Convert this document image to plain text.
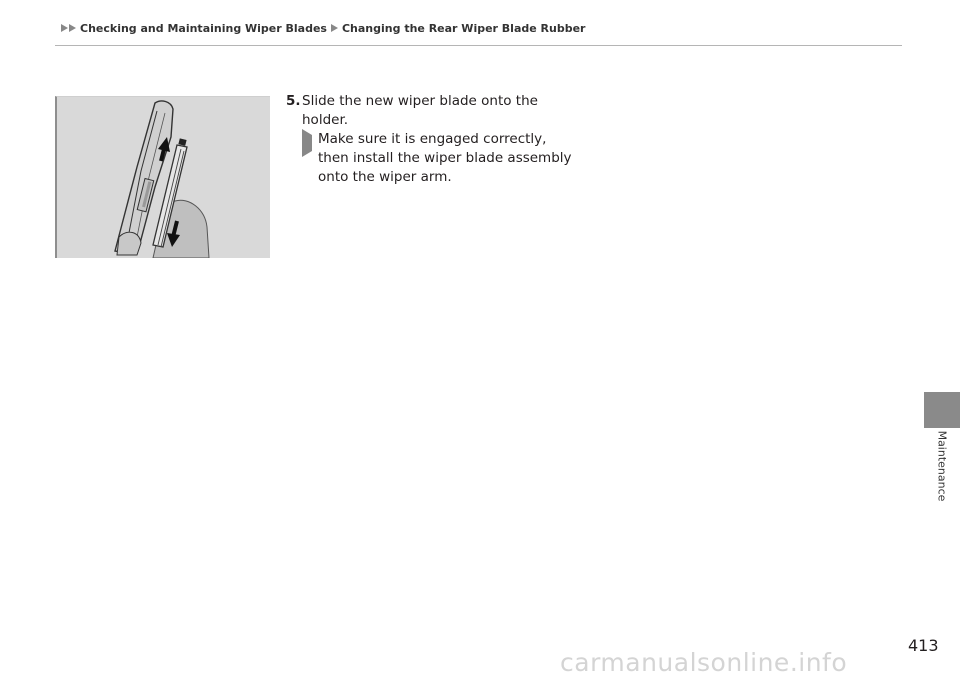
Checking and Maintaining Wiper Blades Changing the Rear Wiper Blade Rubber
5. Slide the new wiper blade onto the holder.
Make sure it is engaged correctly, then install the wiper blade assembly onto the wiper arm.
Maintenance
413
carmanualsonline.info
